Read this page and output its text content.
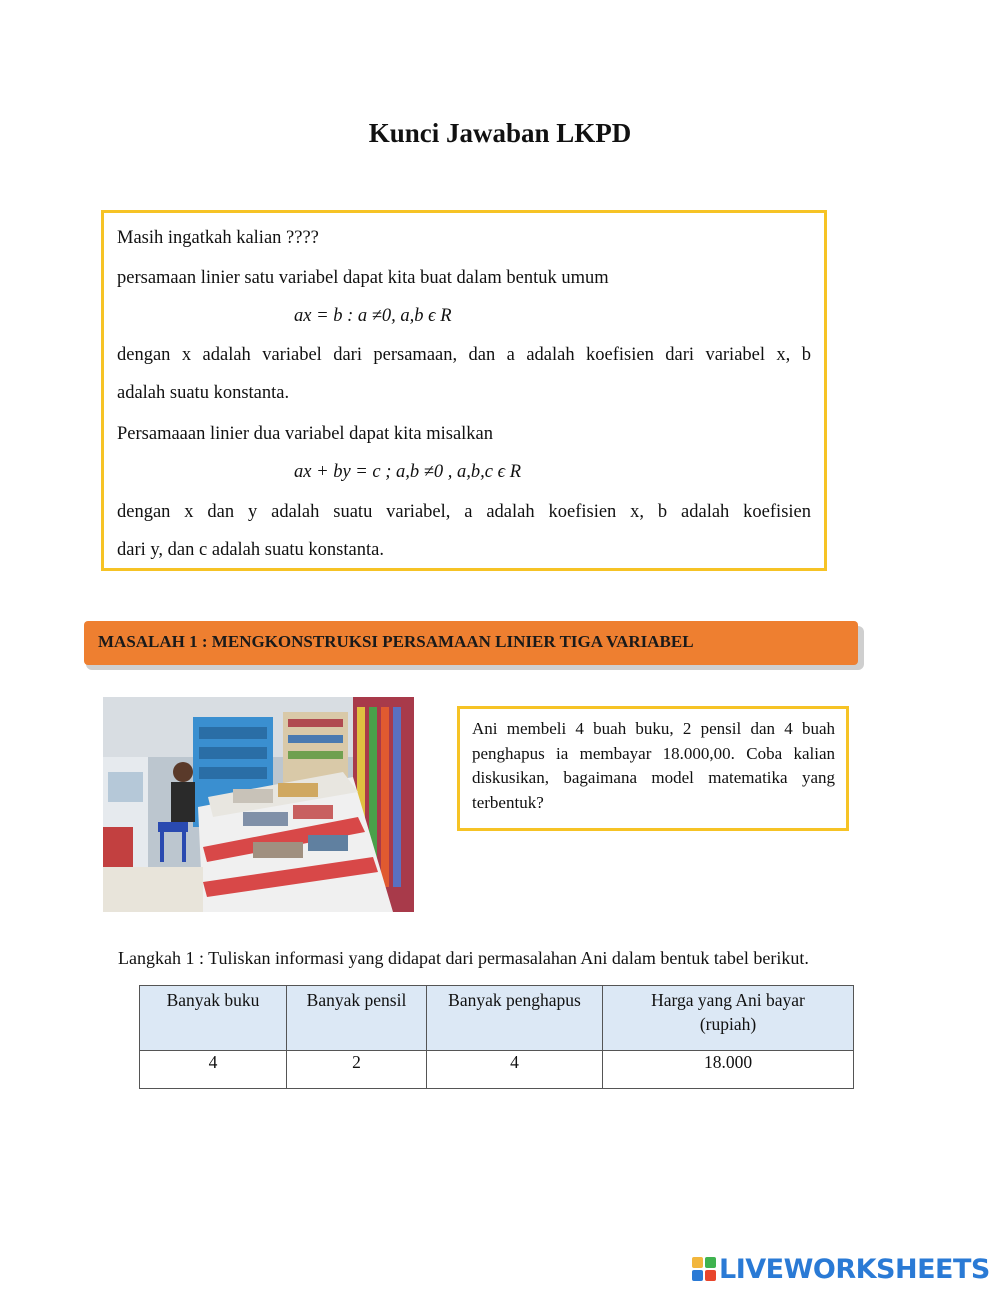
Kunci Jawaban LKPD
Masih ingatkah kalian ????
persamaan linier satu variabel dapat kita buat dalam bentuk umum
ax = b : a ≠0, a,b ϵ R
dengan x adalah variabel dari persamaan, dan a adalah koefisien dari variabel x, b
adalah suatu konstanta.
Persamaaan linier dua variabel dapat kita misalkan
ax + by = c ; a,b ≠0 , a,b,c ϵ R
dengan x dan y adalah suatu variabel, a adalah koefisien x, b adalah koefisien
dari y, dan c adalah suatu konstanta.
MASALAH 1 : MENGKONSTRUKSI PERSAMAAN LINIER TIGA VARIABEL
Ani membeli 4 buah buku, 2 pensil dan 4 buah penghapus ia membayar 18.000,00. Coba kalian diskusikan, bagaimana model matematika yang terbentuk?
Langkah 1 : Tuliskan informasi yang didapat dari permasalahan Ani dalam bentuk tabel berikut.
Banyak buku	Banyak pensil	Banyak penghapus	Harga yang Ani bayar (rupiah)

4	2	4	18.000
LIVEWORKSHEETS
